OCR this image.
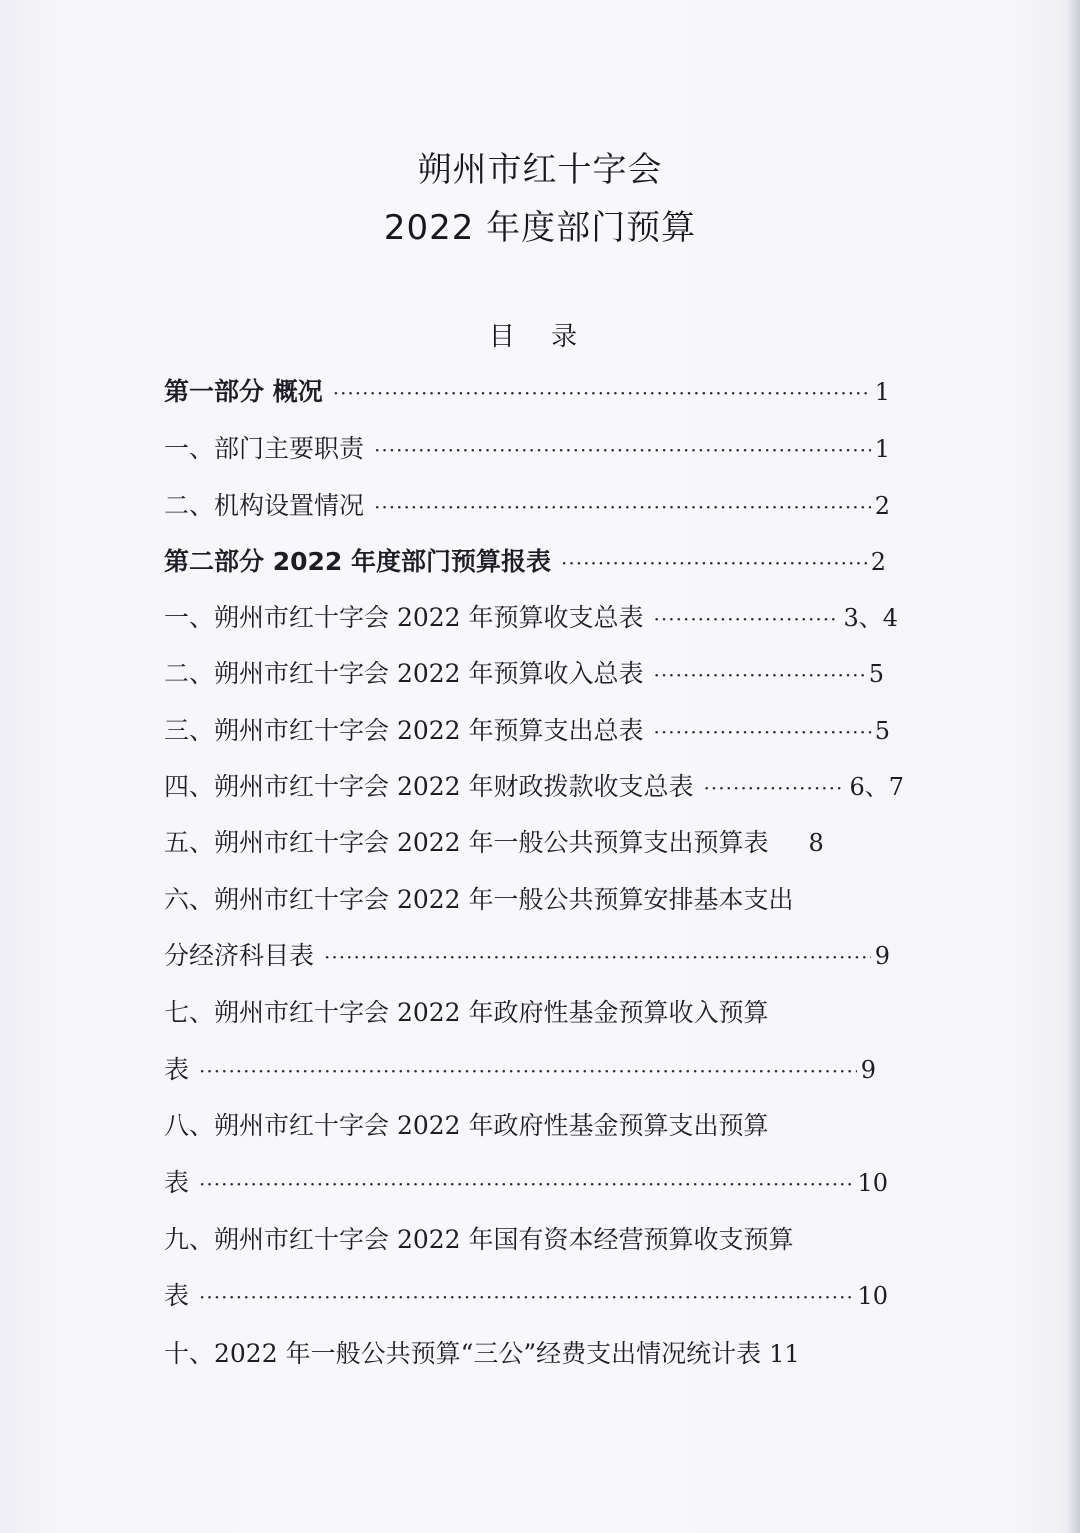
朔州市红十字会
2022 年度部门预算
目 录
第一部分 概况 ·····	1
一、部门主要职责 ·····	1
二、机构设置情况 ·····	2
第二部分 2022 年度部门预算报表 ·····	2
一、朔州市红十字会 2022 年预算收支总表 ·····	3、4
二、朔州市红十字会 2022 年预算收入总表 ·····	5
三、朔州市红十字会 2022 年预算支出总表 ·····	5
四、朔州市红十字会 2022 年财政拨款收支总表 ·····	6、7
五、朔州市红十字会 2022 年一般公共预算支出预算表 8
六、朔州市红十字会 2022 年一般公共预算安排基本支出
分经济科目表 ·····	9
七、朔州市红十字会 2022 年政府性基金预算收入预算
表 ·····	9
八、朔州市红十字会 2022 年政府性基金预算支出预算
表 ·····	10
九、朔州市红十字会 2022 年国有资本经营预算收支预算
表 ·····	10
十、2022 年一般公共预算“三公”经费支出情况统计表 11
